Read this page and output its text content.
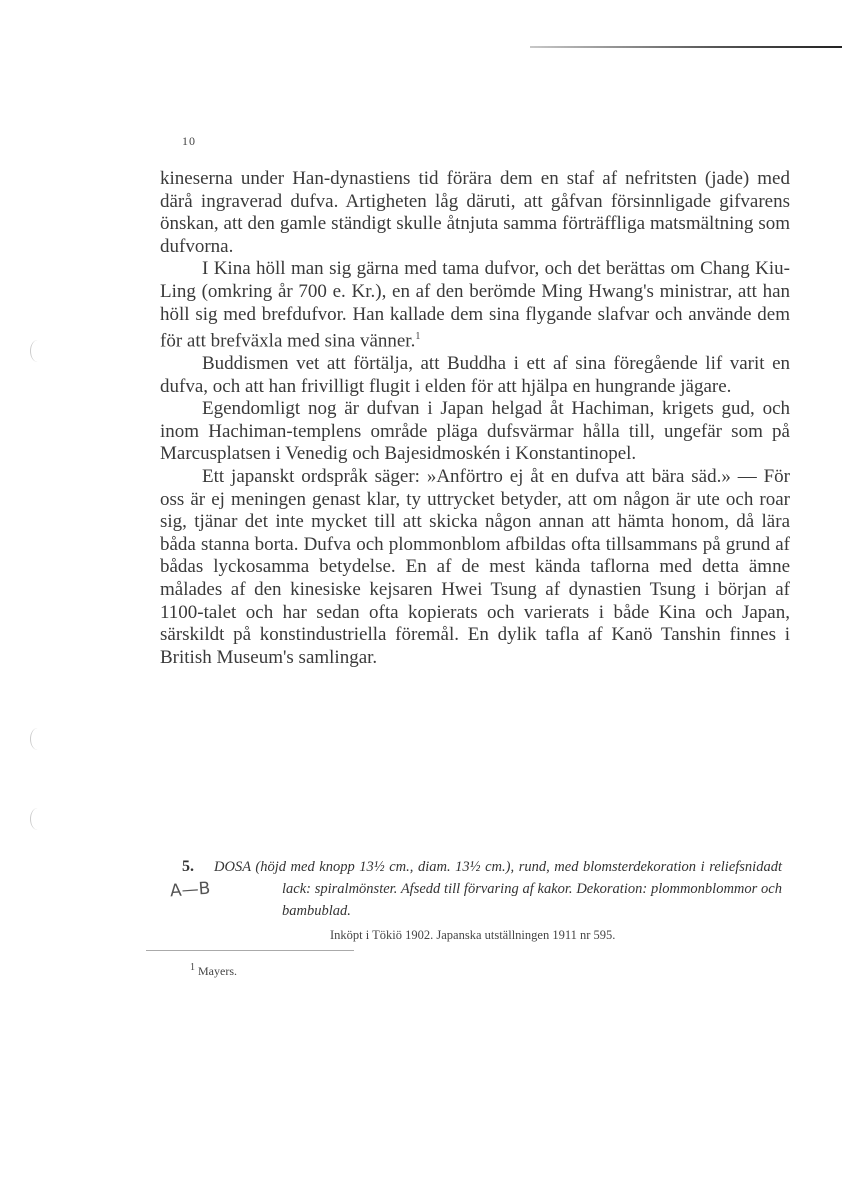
10

kineserna under Han-dynastiens tid förära dem en staf af nefritsten (jade) med därå ingraverad dufva. Artigheten låg däruti, att gåfvan försinnligade gifvarens önskan, att den gamle ständigt skulle åtnjuta samma förträffliga matsmältning som dufvorna.

I Kina höll man sig gärna med tama dufvor, och det berättas om Chang Kiu-Ling (omkring år 700 e. Kr.), en af den berömde Ming Hwang's ministrar, att han höll sig med brefdufvor. Han kallade dem sina flygande slafvar och använde dem för att brefväxla med sina vänner.$^1$

Buddismen vet att förtälja, att Buddha i ett af sina föregående lif varit en dufva, och att han frivilligt flugit i elden för att hjälpa en hungrande jägare.

Egendomligt nog är dufvan i Japan helgad åt Hachiman, krigets gud, och inom Hachiman-templens område pläga dufsvärmar hålla till, ungefär som på Marcusplatsen i Venedig och Bajesidmoskén i Konstantinopel.

Ett japanskt ordspråk säger: »Anförtro ej åt en dufva att bära säd.» — För oss är ej meningen genast klar, ty uttrycket betyder, att om någon är ute och roar sig, tjänar det inte mycket till att skicka någon annan att hämta honom, då lära båda stanna borta. Dufva och plommonblom afbildas ofta tillsammans på grund af bådas lyckosamma betydelse. En af de mest kända taflorna med detta ämne målades af den kinesiske kejsaren Hwei Tsung af dynastien Tsung i början af 1100-talet och har sedan ofta kopierats och varierats i både Kina och Japan, särskildt på konstindustriella föremål. En dylik tafla af Kanö Tanshin finnes i British Museum's samlingar.

5. DOSA (höjd med knopp 13½ cm., diam. 13½ cm.), rund, med blomsterdekoration i reliefsnidadt lack: spiralmönster. Afsedd till förvaring af kakor. Dekoration: plommonblommor och bambublad.
Inköpt i Tökiö 1902. Japanska utställningen 1911 nr 595.
A—B
$^1$ Mayers.
